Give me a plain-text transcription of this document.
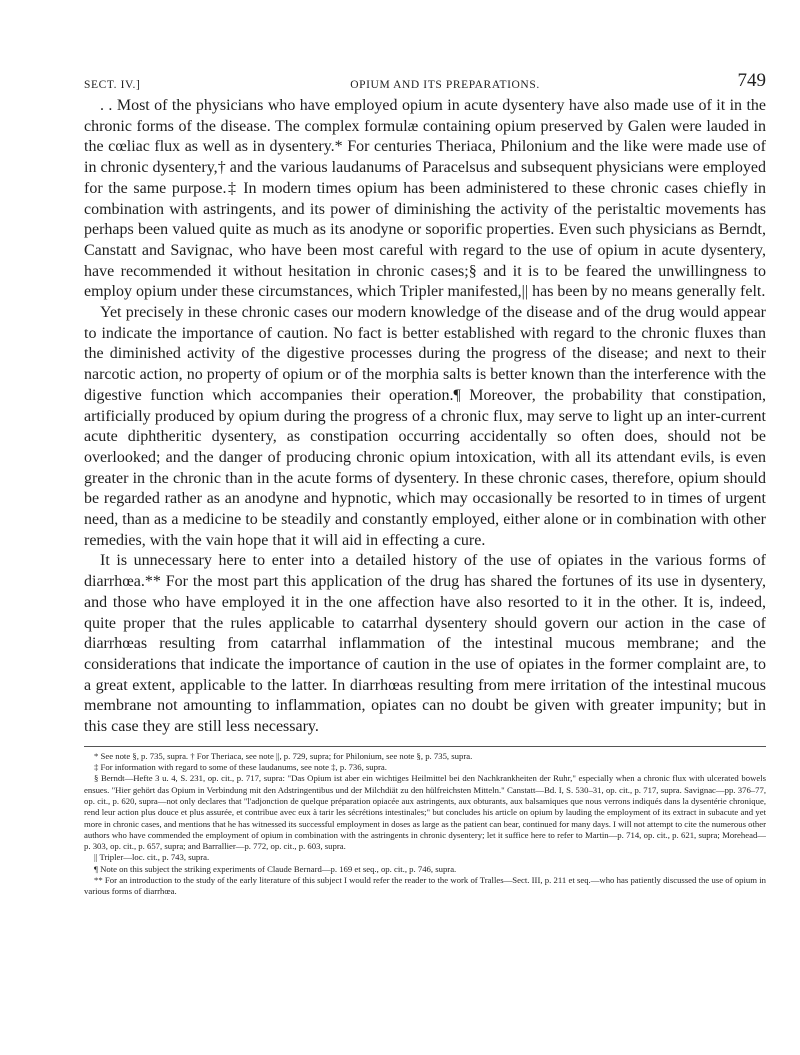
SECT. IV.]	OPIUM AND ITS PREPARATIONS.	749

. . Most of the physicians who have employed opium in acute dysentery have also made use of it in the chronic forms of the disease. The complex formulæ containing opium preserved by Galen were lauded in the cœliac flux as well as in dysentery.* For centuries Theriaca, Philonium and the like were made use of in chronic dysentery,† and the various laudanums of Paracelsus and subsequent physicians were employed for the same purpose.‡ In modern times opium has been administered to these chronic cases chiefly in combination with astringents, and its power of diminishing the activity of the peristaltic movements has perhaps been valued quite as much as its anodyne or soporific properties. Even such physicians as Berndt, Canstatt and Savignac, who have been most careful with regard to the use of opium in acute dysentery, have recommended it without hesitation in chronic cases;§ and it is to be feared the unwillingness to employ opium under these circumstances, which Tripler manifested,|| has been by no means generally felt.

Yet precisely in these chronic cases our modern knowledge of the disease and of the drug would appear to indicate the importance of caution. No fact is better established with regard to the chronic fluxes than the diminished activity of the digestive processes during the progress of the disease; and next to their narcotic action, no property of opium or of the morphia salts is better known than the interference with the digestive function which accompanies their operation.¶ Moreover, the probability that constipation, artificially produced by opium during the progress of a chronic flux, may serve to light up an inter-current acute diphtheritic dysentery, as constipation occurring accidentally so often does, should not be overlooked; and the danger of producing chronic opium intoxication, with all its attendant evils, is even greater in the chronic than in the acute forms of dysentery. In these chronic cases, therefore, opium should be regarded rather as an anodyne and hypnotic, which may occasionally be resorted to in times of urgent need, than as a medicine to be steadily and constantly employed, either alone or in combination with other remedies, with the vain hope that it will aid in effecting a cure.

It is unnecessary here to enter into a detailed history of the use of opiates in the various forms of diarrhœa.** For the most part this application of the drug has shared the fortunes of its use in dysentery, and those who have employed it in the one affection have also resorted to it in the other. It is, indeed, quite proper that the rules applicable to catarrhal dysentery should govern our action in the case of diarrhœas resulting from catarrhal inflammation of the intestinal mucous membrane; and the considerations that indicate the importance of caution in the use of opiates in the former complaint are, to a great extent, applicable to the latter. In diarrhœas resulting from mere irritation of the intestinal mucous membrane not amounting to inflammation, opiates can no doubt be given with greater impunity; but in this case they are still less necessary.

* See note §, p. 735, supra. † For Theriaca, see note ||, p. 729, supra; for Philonium, see note §, p. 735, supra.

‡ For information with regard to some of these laudanums, see note ‡, p. 736, supra.

§ Berndt—Hefte 3 u. 4, S. 231, op. cit., p. 717, supra: "Das Opium ist aber ein wichtiges Heilmittel bei den Nachkrankheiten der Ruhr," especially when a chronic flux with ulcerated bowels ensues. "Hier gehört das Opium in Verbindung mit den Adstringentibus und der Milchdiät zu den hülfreichsten Mitteln." Canstatt—Bd. I, S. 530–31, op. cit., p. 717, supra. Savignac—pp. 376–77, op. cit., p. 620, supra—not only declares that "l'adjonction de quelque préparation opiacée aux astringents, aux obturants, aux balsamiques que nous verrons indiqués dans la dysentérie chronique, rend leur action plus douce et plus assurée, et contribue avec eux à tarir les sécrétions intestinales;" but concludes his article on opium by lauding the employment of its extract in subacute and yet more in chronic cases, and mentions that he has witnessed its successful employment in doses as large as the patient can bear, continued for many days. I will not attempt to cite the numerous other authors who have commended the employment of opium in combination with the astringents in chronic dysentery; let it suffice here to refer to Martin—p. 714, op. cit., p. 621, supra; Morehead—p. 303, op. cit., p. 657, supra; and Barrallier—p. 772, op. cit., p. 603, supra.

|| Tripler—loc. cit., p. 743, supra.

¶ Note on this subject the striking experiments of Claude Bernard—p. 169 et seq., op. cit., p. 746, supra.

** For an introduction to the study of the early literature of this subject I would refer the reader to the work of Tralles—Sect. III, p. 211 et seq.—who has patiently discussed the use of opium in various forms of diarrhœa.
